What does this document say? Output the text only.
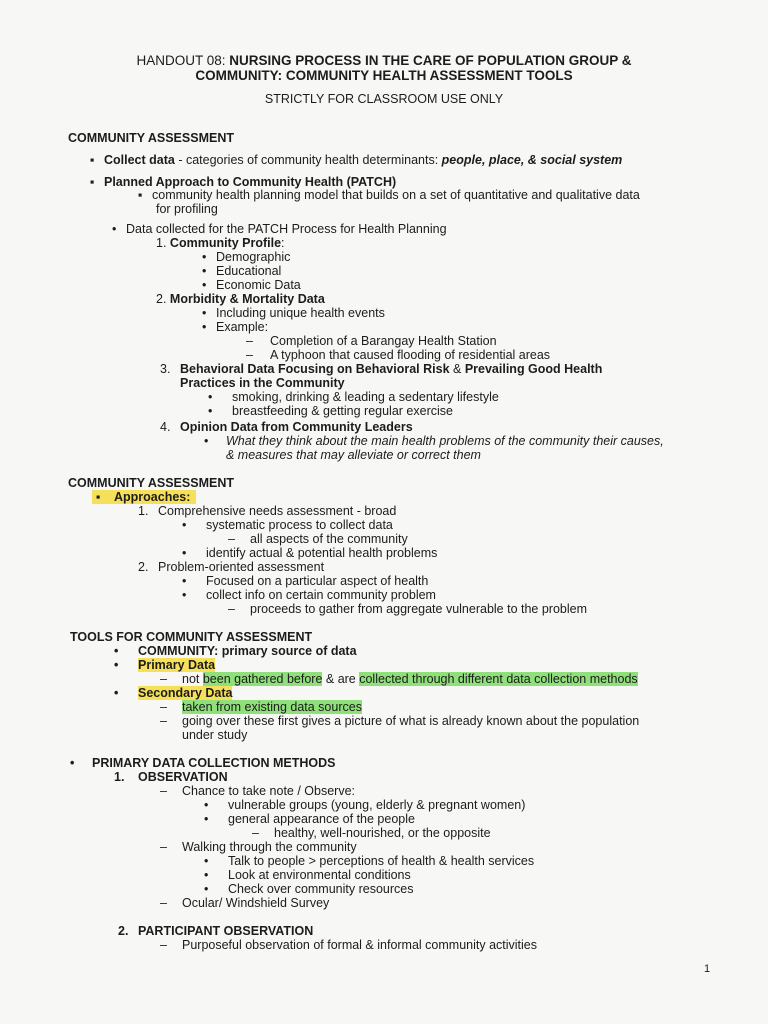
HANDOUT 08: NURSING PROCESS IN THE CARE OF POPULATION GROUP &
COMMUNITY: COMMUNITY HEALTH ASSESSMENT TOOLS
STRICTLY FOR CLASSROOM USE ONLY
COMMUNITY ASSESSMENT
▪ Collect data - categories of community health determinants: people, place, & social system
▪ Planned Approach to Community Health (PATCH)
▪ community health planning model that builds on a set of quantitative and qualitative data
for profiling
• Data collected for the PATCH Process for Health Planning
1. Community Profile:
• Demographic
• Educational
• Economic Data
2. Morbidity & Mortality Data
• Including unique health events
• Example:
– Completion of a Barangay Health Station
– A typhoon that caused flooding of residential areas
3. Behavioral Data Focusing on Behavioral Risk & Prevailing Good Health
Practices in the Community
• smoking, drinking & leading a sedentary lifestyle
• breastfeeding & getting regular exercise
4. Opinion Data from Community Leaders
• What they think about the main health problems of the community their causes,
& measures that may alleviate or correct them
COMMUNITY ASSESSMENT
▪ Approaches:
1. Comprehensive needs assessment - broad
• systematic process to collect data
– all aspects of the community
• identify actual & potential health problems
2. Problem-oriented assessment
• Focused on a particular aspect of health
• collect info on certain community problem
– proceeds to gather from aggregate vulnerable to the problem
TOOLS FOR COMMUNITY ASSESSMENT
• COMMUNITY: primary source of data
• Primary Data
– not been gathered before & are collected through different data collection methods
• Secondary Data
– taken from existing data sources
– going over these first gives a picture of what is already known about the population
under study
• PRIMARY DATA COLLECTION METHODS
1. OBSERVATION
– Chance to take note / Observe:
• vulnerable groups (young, elderly & pregnant women)
• general appearance of the people
– healthy, well-nourished, or the opposite
– Walking through the community
• Talk to people > perceptions of health & health services
• Look at environmental conditions
• Check over community resources
– Ocular/ Windshield Survey
2. PARTICIPANT OBSERVATION
– Purposeful observation of formal & informal community activities
1
